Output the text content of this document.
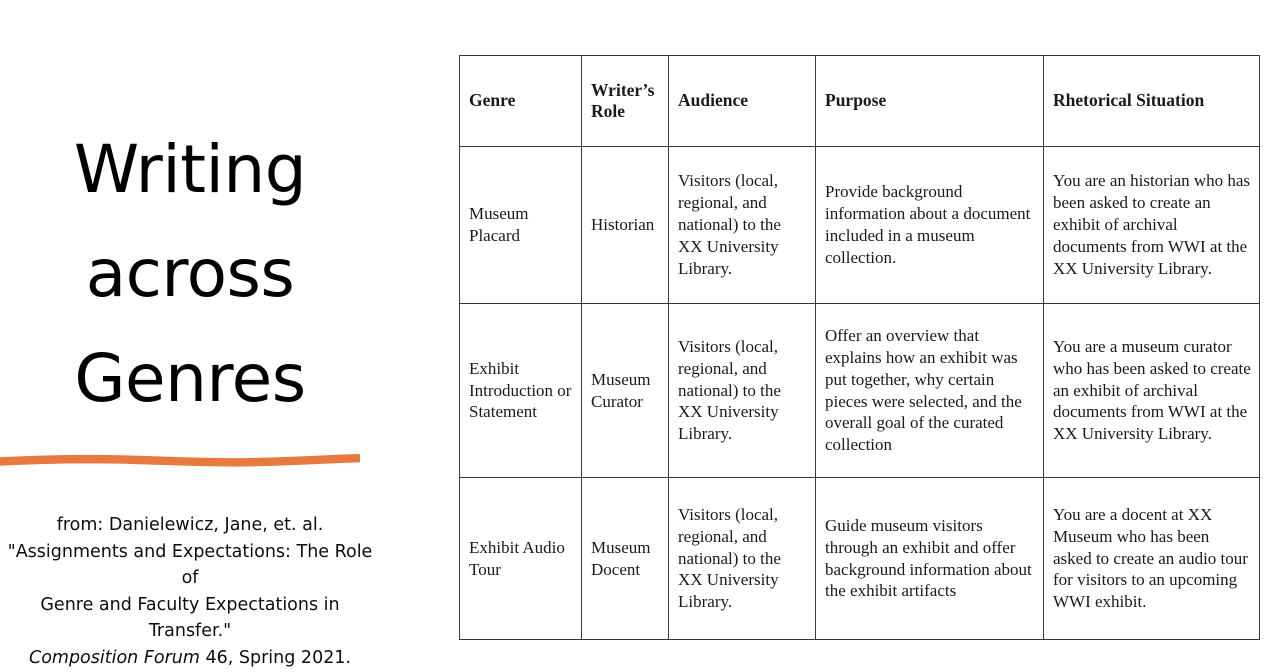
Writing
across
Genres
from: Danielewicz, Jane, et. al.
"Assignments and Expectations: The Role of
Genre and Faculty Expectations in Transfer."
Composition Forum 46, Spring 2021.
Genre	Writer’s Role	Audience	Purpose	Rhetorical Situation
Museum Placard	Historian	Visitors (local, regional, and national) to the XX University Library.	Provide background information about a document included in a museum collection.	You are an historian who has been asked to create an exhibit of archival documents from WWI at the XX University Library.
Exhibit Introduction or Statement	Museum Curator	Visitors (local, regional, and national) to the XX University Library.	Offer an overview that explains how an exhibit was put together, why certain pieces were selected, and the overall goal of the curated collection	You are a museum curator who has been asked to create an exhibit of archival documents from WWI at the XX University Library.
Exhibit Audio Tour	Museum Docent	Visitors (local, regional, and national) to the XX University Library.	Guide museum visitors through an exhibit and offer background information about the exhibit artifacts	You are a docent at XX Museum who has been asked to create an audio tour for visitors to an upcoming WWI exhibit.
